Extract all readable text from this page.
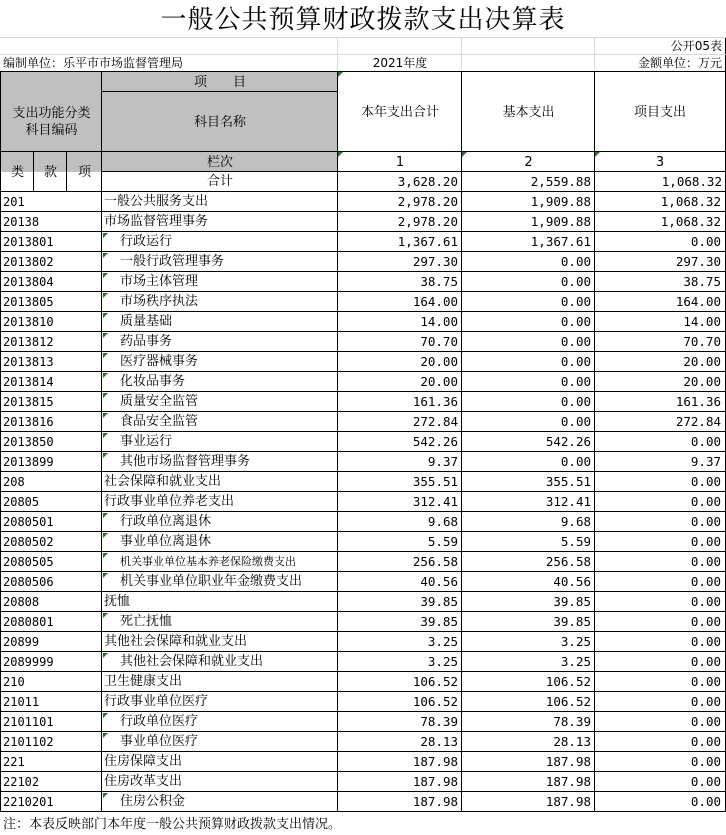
一般公共预算财政拨款支出决算表
公开05表
编制单位：乐平市市场监督管理局	2021年度	金额单位：万元
项　　目
支出功能分类
科目编码
科目名称
本年支出合计	基本支出	项目支出
类	款	项
栏次	1	2	3
合计	3,628.20	2,559.88	1,068.32
201	一般公共服务支出	2,978.20	1,909.88	1,068.32
20138	市场监督管理事务	2,978.20	1,909.88	1,068.32
2013801	行政运行	1,367.61	1,367.61	0.00
2013802	一般行政管理事务	297.30	0.00	297.30
2013804	市场主体管理	38.75	0.00	38.75
2013805	市场秩序执法	164.00	0.00	164.00
2013810	质量基础	14.00	0.00	14.00
2013812	药品事务	70.70	0.00	70.70
2013813	医疗器械事务	20.00	0.00	20.00
2013814	化妆品事务	20.00	0.00	20.00
2013815	质量安全监管	161.36	0.00	161.36
2013816	食品安全监管	272.84	0.00	272.84
2013850	事业运行	542.26	542.26	0.00
2013899	其他市场监督管理事务	9.37	0.00	9.37
208	社会保障和就业支出	355.51	355.51	0.00
20805	行政事业单位养老支出	312.41	312.41	0.00
2080501	行政单位离退休	9.68	9.68	0.00
2080502	事业单位离退休	5.59	5.59	0.00
2080505	机关事业单位基本养老保险缴费支出	256.58	256.58	0.00
2080506	机关事业单位职业年金缴费支出	40.56	40.56	0.00
20808	抚恤	39.85	39.85	0.00
2080801	死亡抚恤	39.85	39.85	0.00
20899	其他社会保障和就业支出	3.25	3.25	0.00
2089999	其他社会保障和就业支出	3.25	3.25	0.00
210	卫生健康支出	106.52	106.52	0.00
21011	行政事业单位医疗	106.52	106.52	0.00
2101101	行政单位医疗	78.39	78.39	0.00
2101102	事业单位医疗	28.13	28.13	0.00
221	住房保障支出	187.98	187.98	0.00
22102	住房改革支出	187.98	187.98	0.00
2210201	住房公积金	187.98	187.98	0.00
注：本表反映部门本年度一般公共预算财政拨款支出情况。
